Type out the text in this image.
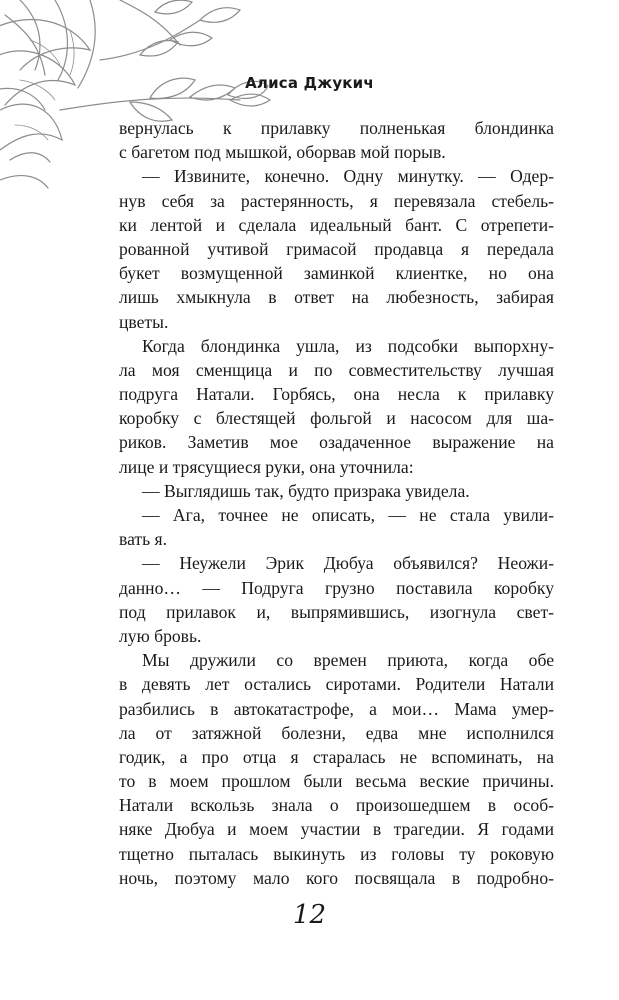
Алиса Джукич
вернулась к прилавку полненькая блондинка
с багетом под мышкой, оборвав мой порыв.
— Извините, конечно. Одну минутку. — Одер-
нув себя за растерянность, я перевязала стебель-
ки лентой и сделала идеальный бант. С отрепети-
рованной учтивой гримасой продавца я передала
букет возмущенной заминкой клиентке, но она
лишь хмыкнула в ответ на любезность, забирая
цветы.
Когда блондинка ушла, из подсобки выпорхну-
ла моя сменщица и по совместительству лучшая
подруга Натали. Горбясь, она несла к прилавку
коробку с блестящей фольгой и насосом для ша-
риков. Заметив мое озадаченное выражение на
лице и трясущиеся руки, она уточнила:
— Выглядишь так, будто призрака увидела.
— Ага, точнее не описать, — не стала увили-
вать я.
— Неужели Эрик Дюбуа объявился? Неожи-
данно… — Подруга грузно поставила коробку
под прилавок и, выпрямившись, изогнула свет-
лую бровь.
Мы дружили со времен приюта, когда обе
в девять лет остались сиротами. Родители Натали
разбились в автокатастрофе, а мои… Мама умер-
ла от затяжной болезни, едва мне исполнился
годик, а про отца я старалась не вспоминать, на
то в моем прошлом были весьма веские причины.
Натали вскользь знала о произошедшем в особ-
няке Дюбуа и моем участии в трагедии. Я годами
тщетно пыталась выкинуть из головы ту роковую
ночь, поэтому мало кого посвящала в подробно-
12
